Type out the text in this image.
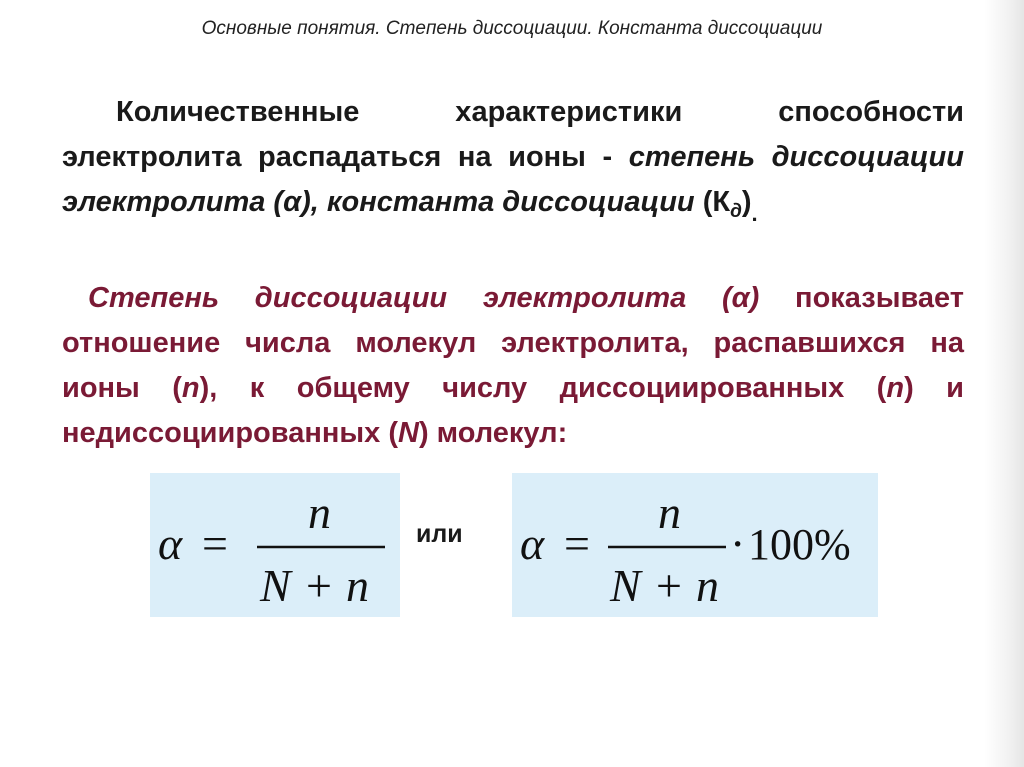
Основные понятия. Степень диссоциации. Константа диссоциации
Количественные характеристики способности электролита распадаться на ионы - степень диссоциации электролита (α), константа диссоциации $(К_д)_.$
Степень диссоциации электролита (α) показывает отношение числа молекул электролита, распавшихся на ионы (n), к общему числу диссоциированных (n) и недиссоциированных (N) молекул:
α =
n
N + n
или α =
n
N + n
· 100%
